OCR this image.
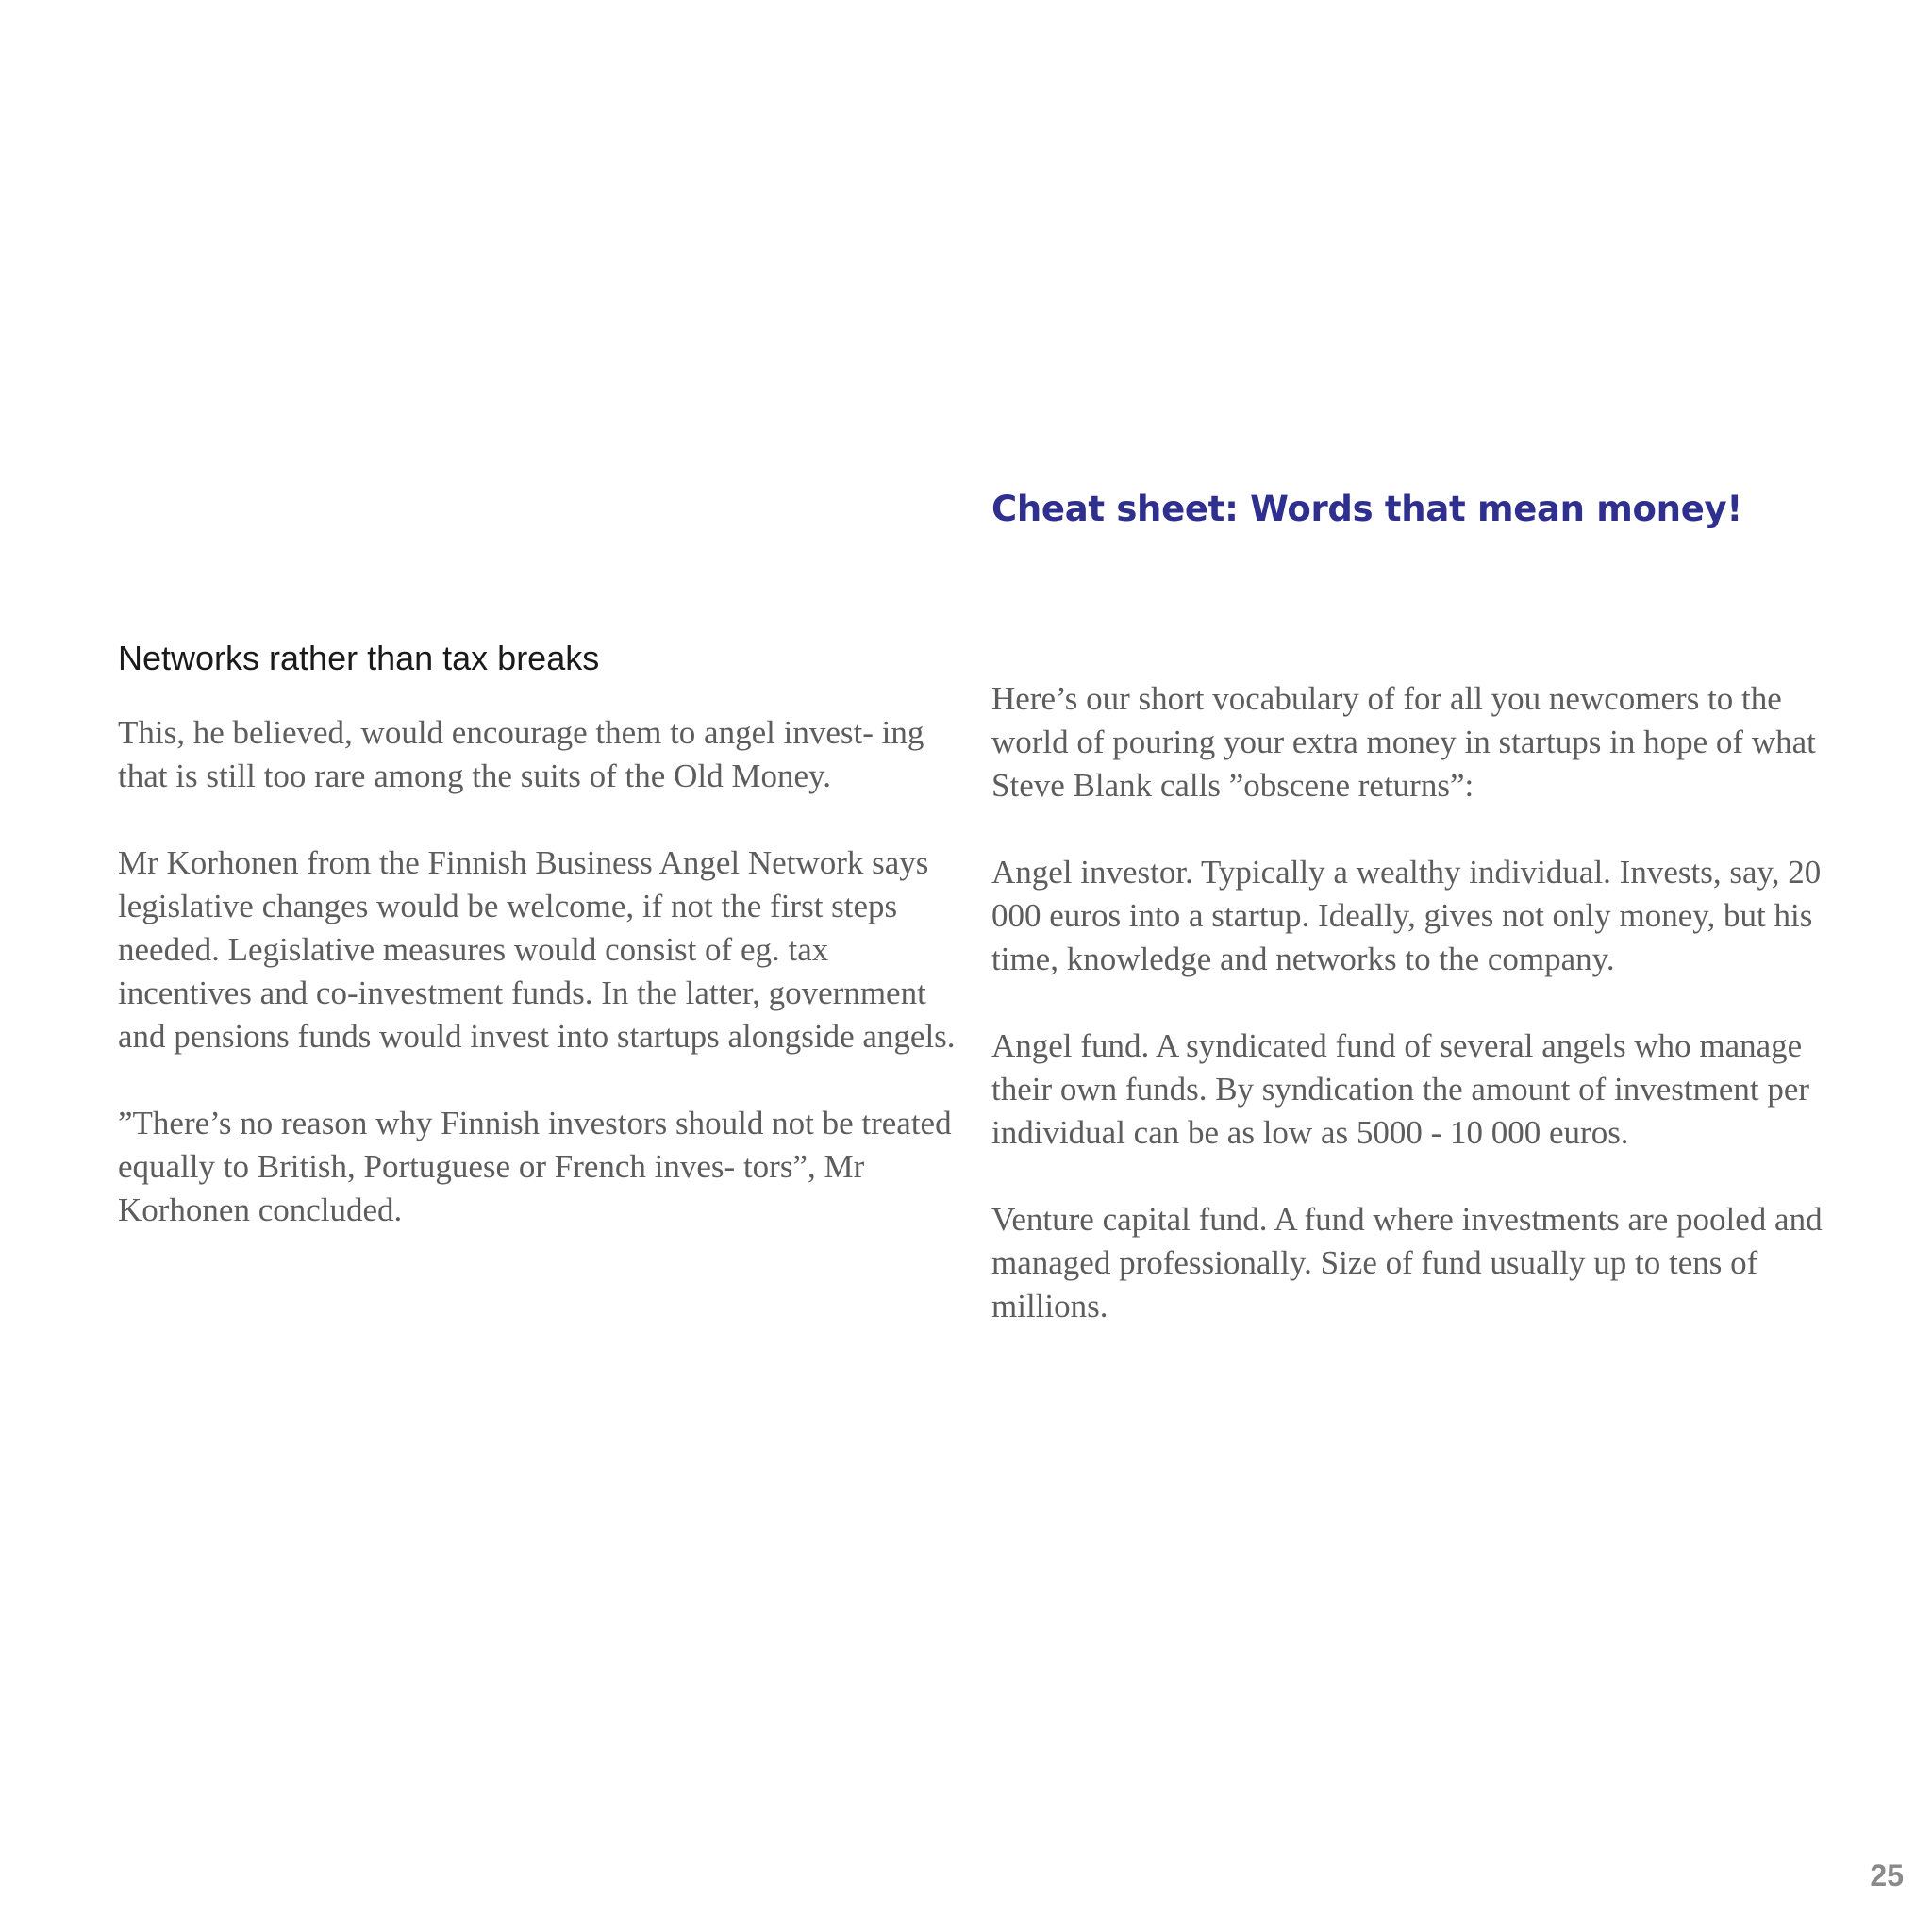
Cheat sheet: Words that mean money!
Networks rather than tax breaks

This, he believed, would encourage them to angel invest- ing that is still too rare among the suits of the Old Money.

Mr Korhonen from the Finnish Business Angel Network says legislative changes would be welcome, if not the first steps needed. Legislative measures would consist of eg. tax incentives and co-investment funds. In the latter, government and pensions funds would invest into startups alongside angels.

”There’s no reason why Finnish investors should not be treated equally to British, Portuguese or French inves- tors”, Mr Korhonen concluded.

Here’s our short vocabulary of for all you newcomers to the world of pouring your extra money in startups in hope of what Steve Blank calls ”obscene returns”:

Angel investor. Typically a wealthy individual. Invests, say, 20 000 euros into a startup. Ideally, gives not only money, but his time, knowledge and networks to the company.

Angel fund. A syndicated fund of several angels who manage their own funds. By syndication the amount of investment per individual can be as low as 5000 - 10 000 euros.

Venture capital fund. A fund where investments are pooled and managed professionally. Size of fund usually up to tens of millions.

25
